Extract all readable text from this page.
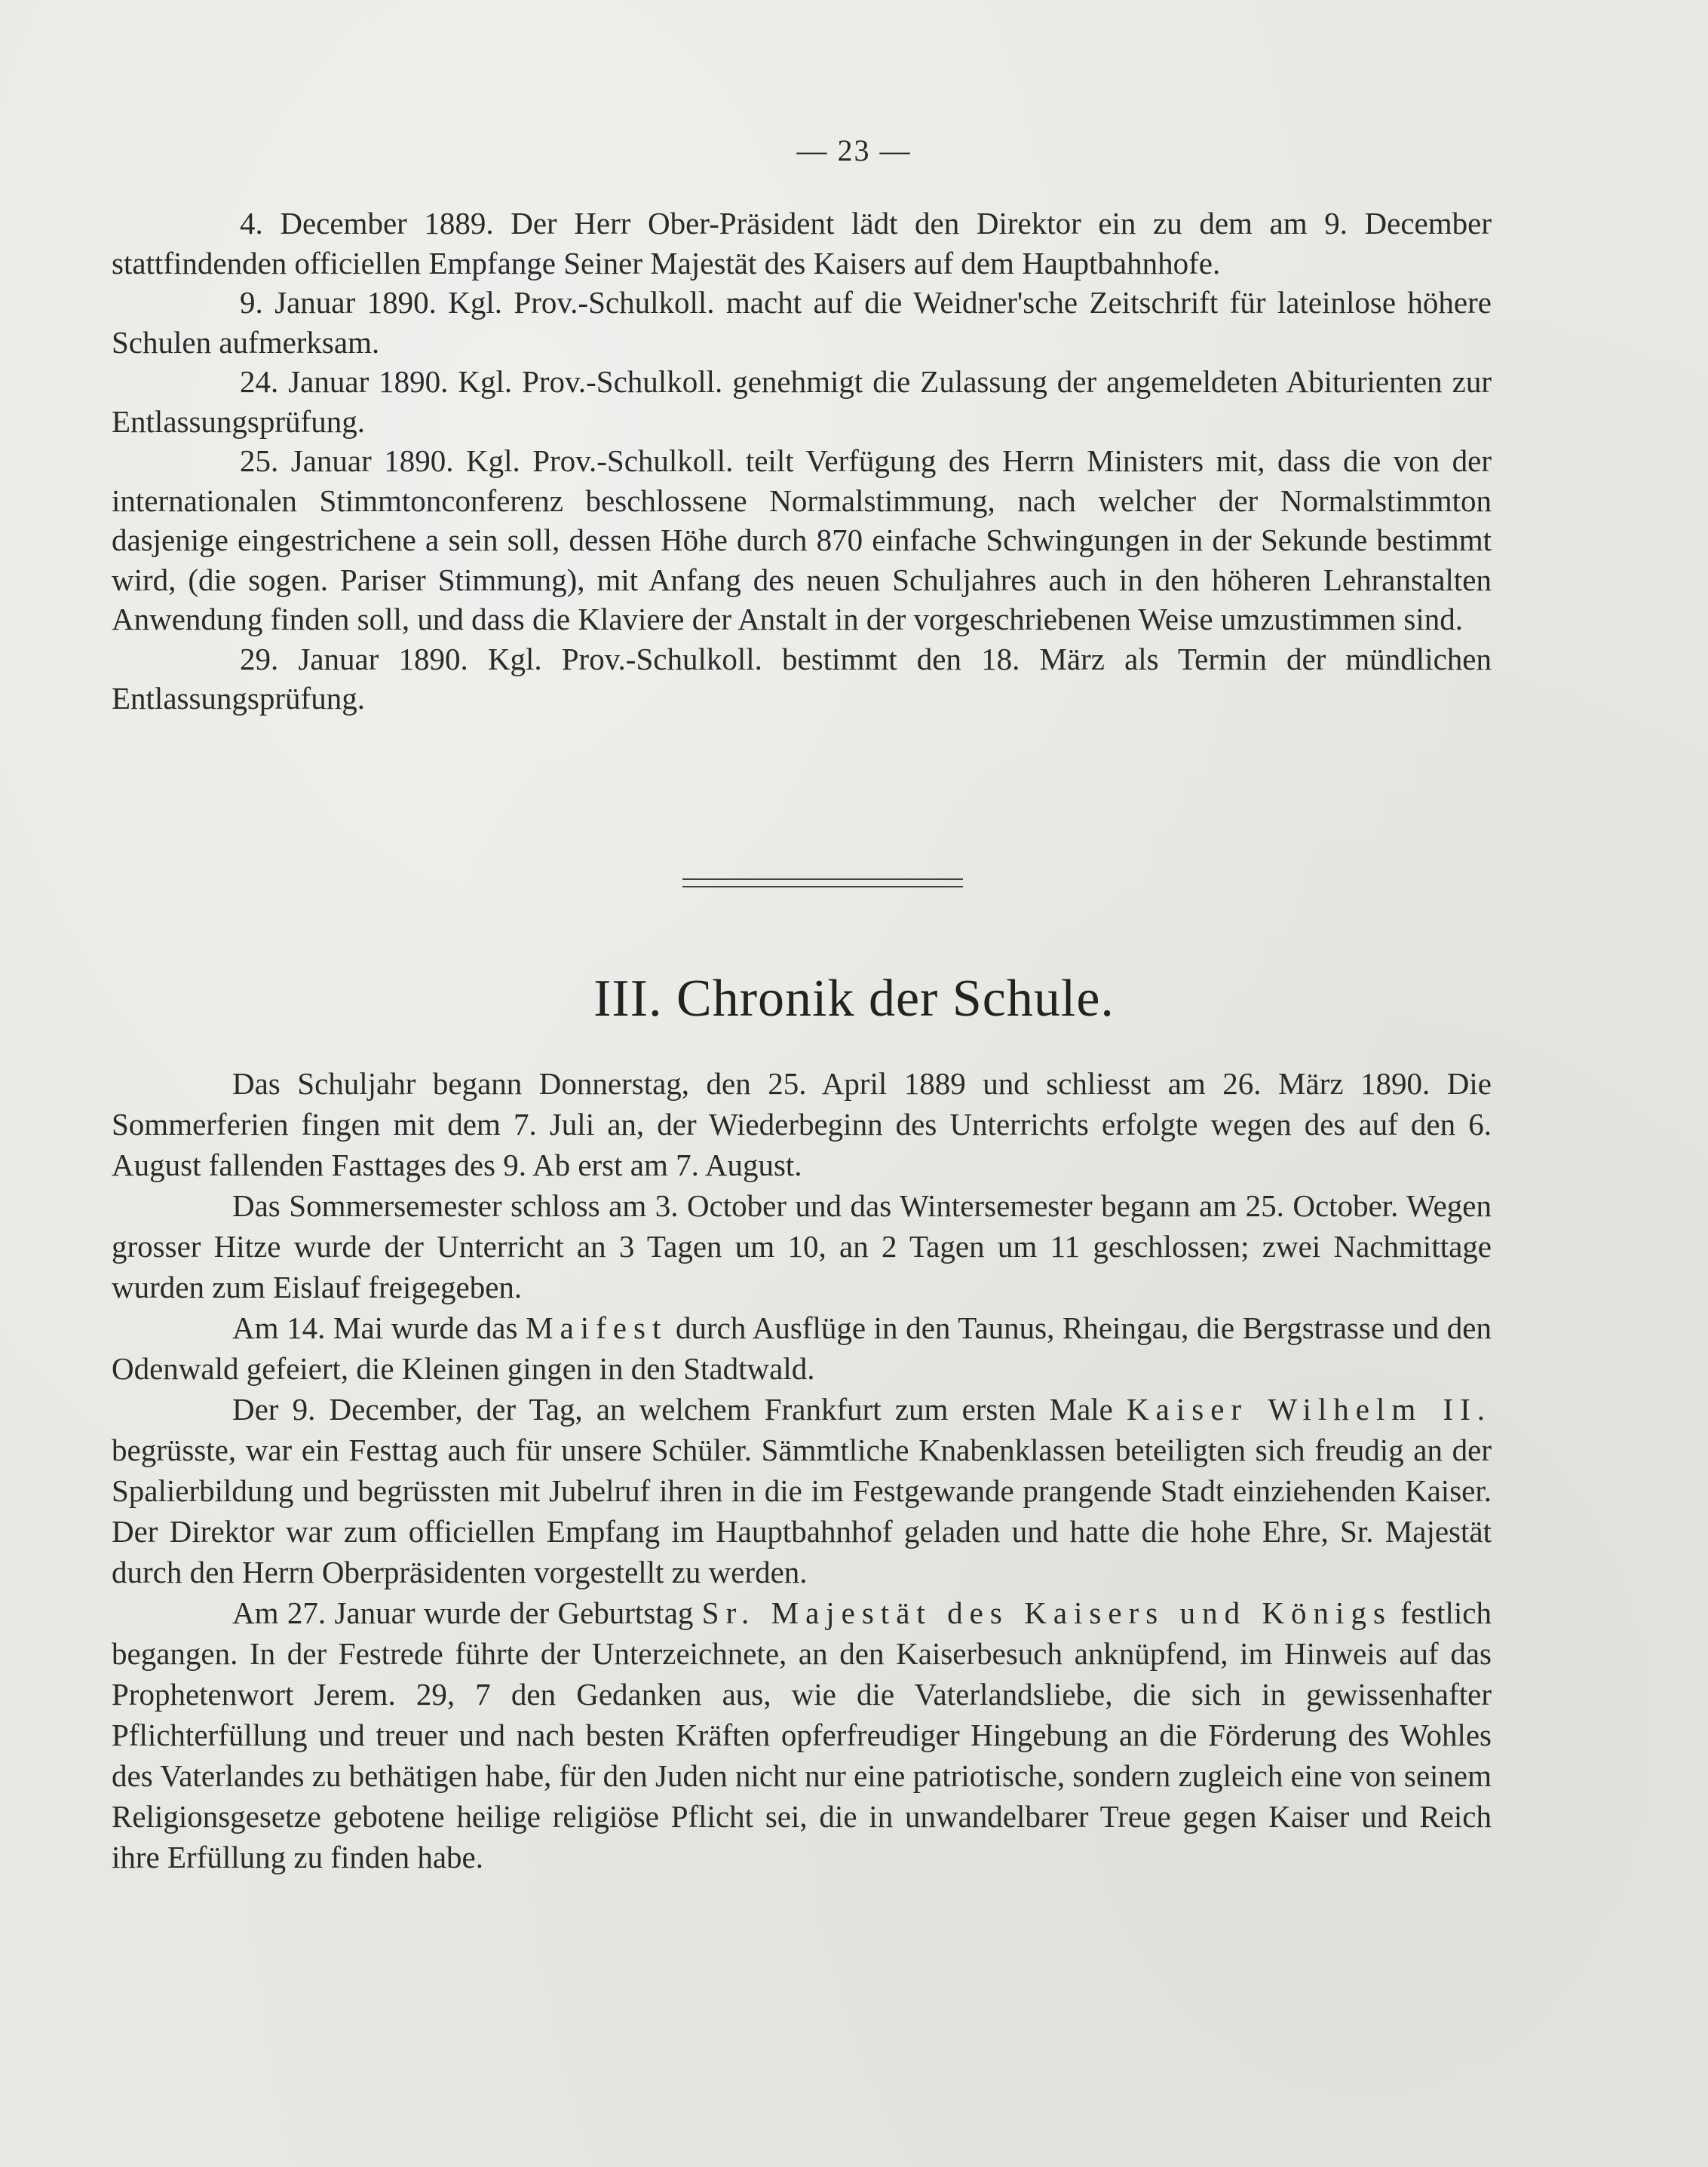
— 23 —

4. December 1889. Der Herr Ober-Präsident lädt den Direktor ein zu dem am 9. December stattfindenden officiellen Empfange Seiner Majestät des Kaisers auf dem Hauptbahnhofe.

9. Januar 1890. Kgl. Prov.-Schulkoll. macht auf die Weidner'sche Zeitschrift für lateinlose höhere Schulen aufmerksam.

24. Januar 1890. Kgl. Prov.-Schulkoll. genehmigt die Zulassung der angemeldeten Abiturienten zur Entlassungsprüfung.

25. Januar 1890. Kgl. Prov.-Schulkoll. teilt Verfügung des Herrn Ministers mit, dass die von der internationalen Stimmtonconferenz beschlossene Normalstimmung, nach welcher der Normalstimmton dasjenige eingestrichene a sein soll, dessen Höhe durch 870 einfache Schwingungen in der Sekunde bestimmt wird, (die sogen. Pariser Stimmung), mit Anfang des neuen Schuljahres auch in den höheren Lehranstalten Anwendung finden soll, und dass die Klaviere der Anstalt in der vorgeschriebenen Weise umzustimmen sind.

29. Januar 1890. Kgl. Prov.-Schulkoll. bestimmt den 18. März als Termin der mündlichen Entlassungsprüfung.

III. Chronik der Schule.

Das Schuljahr begann Donnerstag, den 25. April 1889 und schliesst am 26. März 1890. Die Sommerferien fingen mit dem 7. Juli an, der Wiederbeginn des Unterrichts erfolgte wegen des auf den 6. August fallenden Fasttages des 9. Ab erst am 7. August.

Das Sommersemester schloss am 3. October und das Wintersemester begann am 25. October. Wegen grosser Hitze wurde der Unterricht an 3 Tagen um 10, an 2 Tagen um 11 geschlossen; zwei Nachmittage wurden zum Eislauf freigegeben.

Am 14. Mai wurde das Maifest durch Ausflüge in den Taunus, Rheingau, die Bergstrasse und den Odenwald gefeiert, die Kleinen gingen in den Stadtwald.

Der 9. December, der Tag, an welchem Frankfurt zum ersten Male Kaiser Wilhelm II. begrüsste, war ein Festtag auch für unsere Schüler. Sämmtliche Knabenklassen beteiligten sich freudig an der Spalierbildung und begrüssten mit Jubelruf ihren in die im Festgewande prangende Stadt einziehenden Kaiser. Der Direktor war zum officiellen Empfang im Hauptbahnhof geladen und hatte die hohe Ehre, Sr. Majestät durch den Herrn Oberpräsidenten vorgestellt zu werden.

Am 27. Januar wurde der Geburtstag Sr. Majestät des Kaisers und Königs festlich begangen. In der Festrede führte der Unterzeichnete, an den Kaiserbesuch anknüpfend, im Hinweis auf das Prophetenwort Jerem. 29, 7 den Gedanken aus, wie die Vaterlandsliebe, die sich in gewissenhafter Pflichterfüllung und treuer und nach besten Kräften opferfreudiger Hingebung an die Förderung des Wohles des Vaterlandes zu bethätigen habe, für den Juden nicht nur eine patriotische, sondern zugleich eine von seinem Religionsgesetze gebotene heilige religiöse Pflicht sei, die in unwandelbarer Treue gegen Kaiser und Reich ihre Erfüllung zu finden habe.
